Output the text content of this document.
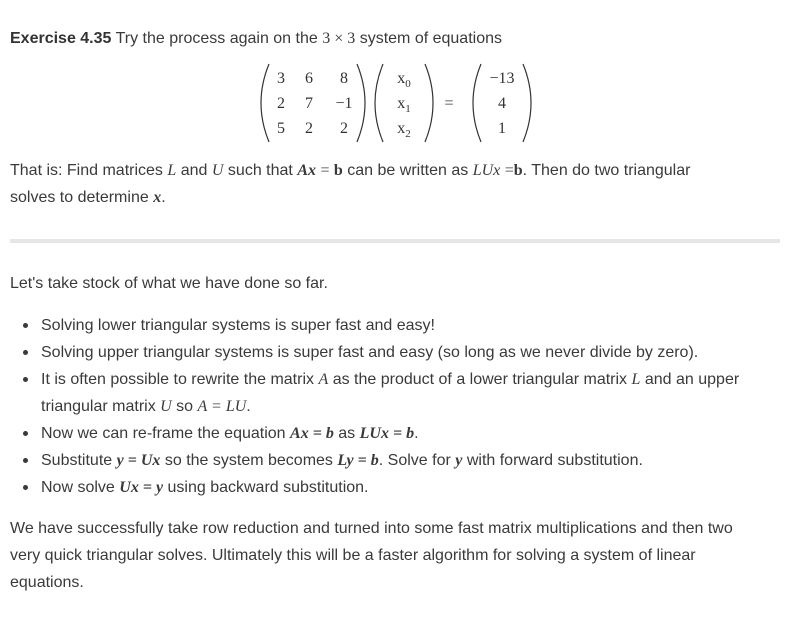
Exercise 4.35 Try the process again on the 3 × 3 system of equations

3 6 8
2 7 −1
5 2 2
$x_0$
$x_1$
$x_2$
=
−13
4
1

That is: Find matrices L and U such that Ax = b can be written as LUx =b. Then do two triangular

solves to determine x.

Let's take stock of what we have done so far.

Solving lower triangular systems is super fast and easy!
Solving upper triangular systems is super fast and easy (so long as we never divide by zero).
It is often possible to rewrite the matrix A as the product of a lower triangular matrix L and an upper
triangular matrix U so A = LU.
Now we can re-frame the equation Ax = b as LUx = b.
Substitute y = Ux so the system becomes Ly = b. Solve for y with forward substitution.
Now solve Ux = y using backward substitution.

We have successfully take row reduction and turned into some fast matrix multiplications and then two
very quick triangular solves. Ultimately this will be a faster algorithm for solving a system of linear
equations.
